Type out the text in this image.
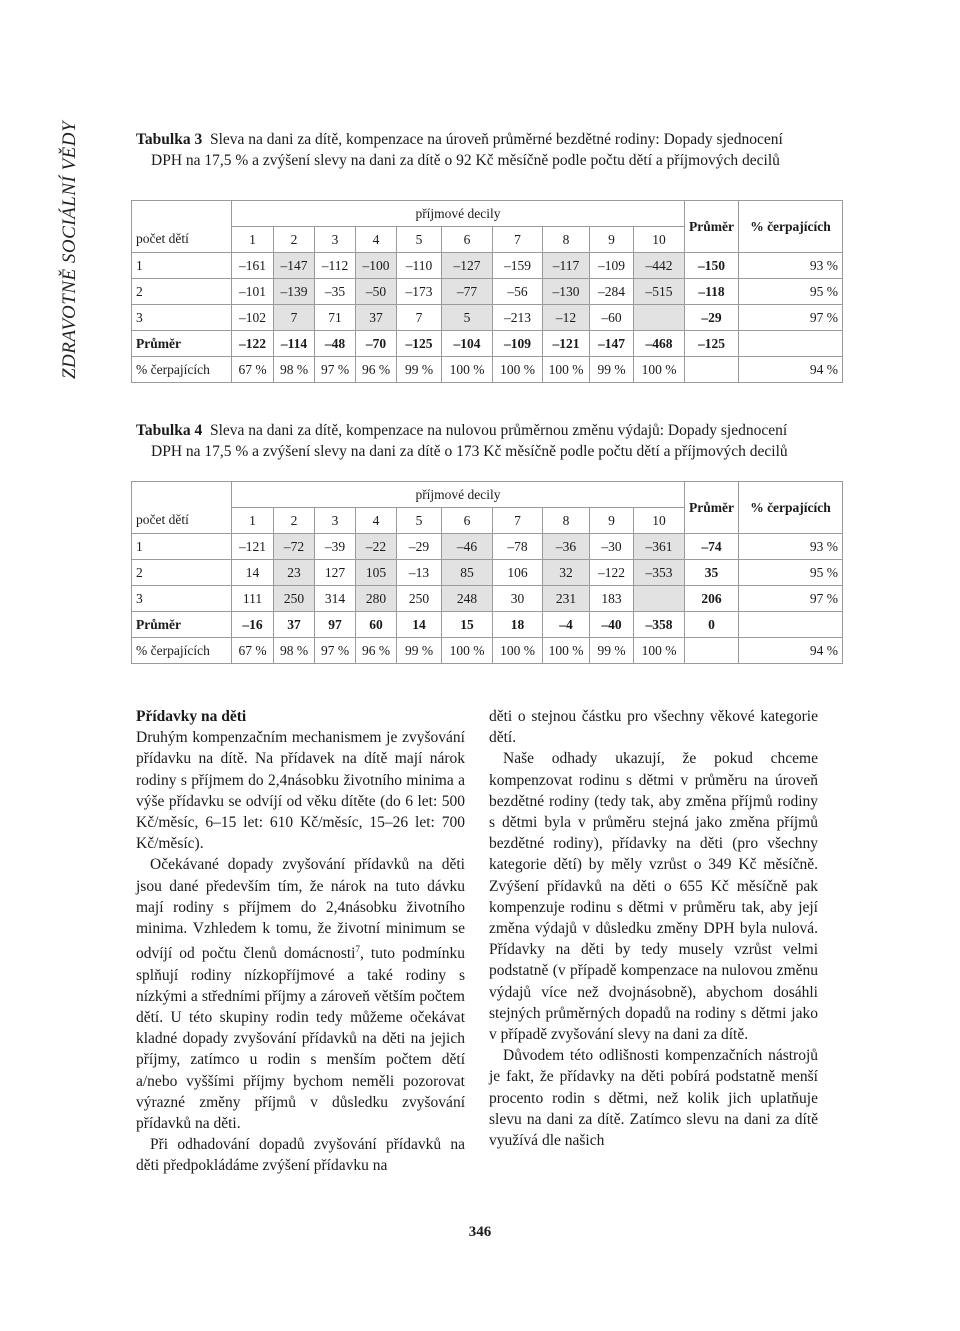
ZDRAVOTNĚ SOCIÁLNÍ VĚDY	Tabulka 3 Sleva na dani za dítě, kompenzace na úroveň průměrné bezdětné rodiny: Dopady sjednocení
DPH na 17,5 % a zvýšení slevy na dani za dítě o 92 Kč měsíčně podle počtu dětí a příjmových decilů
	příjmové decily										Průměr	% čerpajících
počet dětí	1	2	3	4	5	6	7	8	9	10		
1	–161	–147	–112	–100	–110	–127	–159	–117	–109	–442	–150	93 %
2	–101	–139	–35	–50	–173	–77	–56	–130	–284	–515	–118	95 %
3	–102	7	71	37	7	5	–213	–12	–60		–29	97 %
Průměr	–122	–114	–48	–70	–125	–104	–109	–121	–147	–468	–125	
% čerpajících	67 %	98 %	97 %	96 %	99 %	100 %	100 %	100 %	99 %	100 %		94 %
Tabulka 4 Sleva na dani za dítě, kompenzace na nulovou průměrnou změnu výdajů: Dopady sjednocení
DPH na 17,5 % a zvýšení slevy na dani za dítě o 173 Kč měsíčně podle počtu dětí a příjmových decilů
	příjmové decily										Průměr	% čerpajících
počet dětí	1	2	3	4	5	6	7	8	9	10		
1	–121	–72	–39	–22	–29	–46	–78	–36	–30	–361	–74	93 %
2	14	23	127	105	–13	85	106	32	–122	–353	35	95 %
3	111	250	314	280	250	248	30	231	183		206	97 %
Průměr	–16	37	97	60	14	15	18	–4	–40	–358	0	
% čerpajících	67 %	98 %	97 %	96 %	99 %	100 %	100 %	100 %	99 %	100 %		94 %

Přídavky na děti

Druhým kompenzačním mechanismem je zvyšování přídavku na dítě. Na přídavek na dítě mají nárok rodiny s příjmem do 2,4násobku životního minima a výše přídavku se odvíjí od věku dítěte (do 6 let: 500 Kč/měsíc, 6–15 let: 610 Kč/měsíc, 15–26 let: 700 Kč/měsíc).

Očekávané dopady zvyšování přídavků na děti jsou dané především tím, že nárok na tuto dávku mají rodiny s příjmem do 2,4násobku životního minima. Vzhledem k tomu, že životní minimum se odvíjí od počtu členů domácnosti$^7$, tuto podmínku splňují rodiny nízkopříjmové a také rodiny s nízkými a středními příjmy a zároveň větším počtem dětí. U této skupiny rodin tedy můžeme očekávat kladné dopady zvyšování přídavků na děti na jejich příjmy, zatímco u rodin s menším počtem dětí a/nebo vyššími příjmy bychom neměli pozorovat výrazné změny příjmů v důsledku zvyšování přídavků na děti.

Při odhadování dopadů zvyšování přídavků na děti předpokládáme zvýšení přídavku na

děti o stejnou částku pro všechny věkové kategorie dětí.

Naše odhady ukazují, že pokud chceme kompenzovat rodinu s dětmi v průměru na úroveň bezdětné rodiny (tedy tak, aby změna příjmů rodiny s dětmi byla v průměru stejná jako změna příjmů bezdětné rodiny), přídavky na děti (pro všechny kategorie dětí) by měly vzrůst o 349 Kč měsíčně. Zvýšení přídavků na děti o 655 Kč měsíčně pak kompenzuje rodinu s dětmi v průměru tak, aby její změna výdajů v důsledku změny DPH byla nulová. Přídavky na děti by tedy musely vzrůst velmi podstatně (v případě kompenzace na nulovou změnu výdajů více než dvojnásobně), abychom dosáhli stejných průměrných dopadů na rodiny s dětmi jako v případě zvyšování slevy na dani za dítě.

Důvodem této odlišnosti kompenzačních nástrojů je fakt, že přídavky na děti pobírá podstatně menší procento rodin s dětmi, než kolik jich uplatňuje slevu na dani za dítě. Zatímco slevu na dani za dítě využívá dle našich

346
